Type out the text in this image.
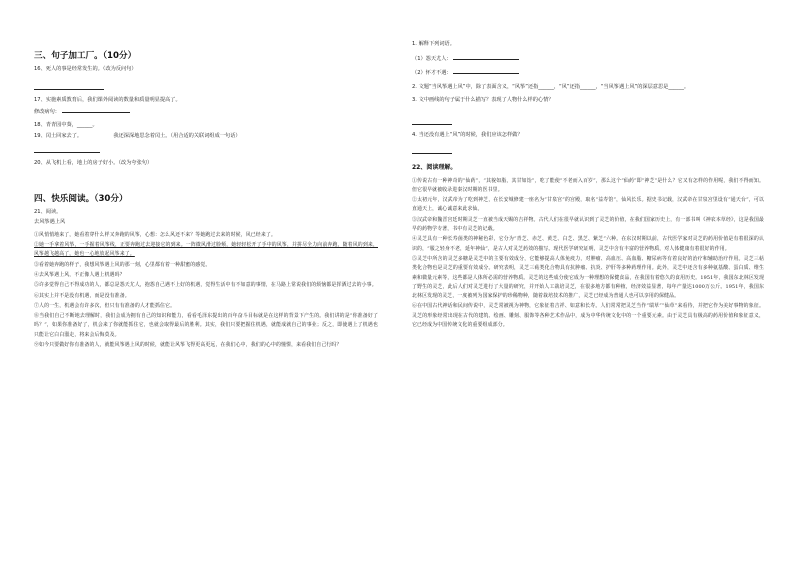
三、句子加工厂。（10分）
16、死人的事是经常发生的。（改为反问句）
17、实施素质教育后，我们课外阅读的数量和质量明显提高了。
修改病句：
18、青青园中葵，______。
19、闰土回家去了。	我还深深地思念着闰土。（用合适的关联词组成一句话）
20、从飞机上看，地上的房子好小。（改为夸张句）
四、快乐阅读。（30分）
21、阅读。
去风筝遇上风
①风悄悄地来了，她看着穿什么样又奔跑的风筝，心想：怎么风还不来？等她跑过去来的时候，风已经来了。
②她一手拿着风筝，一手握着风筝线，正要奔跑过去迎接它的到来。一阵微风滑过脸颊，她轻轻松开了手中的风筝，并拼尽全力向前奔跑，随着风的到来，风筝越飞越高了，她也一心地放起风筝来了。
③看着她奔跑的样子，我想风筝遇上风的那一刻，心里都有着一种甜蜜的感觉。
④去风筝遇上风，不正像人遇上机遇吗？
⑤许多觉得自己不得成功的人，都总是怨天尤人，抱怨自己遇不上好的机遇，觉得生活中有不如意的事情，在马路上常说我们的烦恼都是挥洒过去的小事。
⑥其实上并不是没有机遇，而是没有准备。
⑦人的一生，机遇会有许多次，但只有有准备的人才能抓住它。
⑧当我们自己不断地去理解时，我们会成为拥有自己的知识和能力，看看毛泽东提出的百年奋斗目标就是在这样的背景下产生的。我们讲的是“你准备好了吗？”，如果你准备好了，机会来了你就能抓住它，也就会取得最后的胜利。其实，我们只要把握住机遇，就能成就自己的事业；反之，即使遇上了机遇也只能让它白白溜走，将来会后悔莫及。
⑨如今只要做好你有准备的人，就能风筝遇上风的时候，就能让风筝飞得更高更远，在我们心中，我们的心中的憧憬，来看我们自己行吗？
1. 解释下列词语。
（1）怨天尤人：
（2）怀才不遇：
2. 文题“当风筝遇上风”中，除了表面含义，“风筝”还指______，“风”还指______，“当风筝遇上风”的深层意思是______。
3. 文中画线的句子属于什么描写？表现了人物什么样的心情？
4. 当还没有遇上“风”的时候，我们应该怎样做？
22、阅读理解。
①传说古有一种神奇的“仙药”，“其貌如脂，其甘如饴”，吃了能使“不老而入百岁”，那么这个“仙药”即“神芝”是什么？它又有怎样的作用呢，我们不得而知。但它很早就被收录进秦汉时期的医书里。
②太初元年，汉武帝为了吃到神芝，在长安城修建一座名为“甘泉宫”的宫殿，取名“益寿馆”，仙风长乐。据史书记载，汉武帝在甘泉宫里设有“通天台”，可以直通天上，诚心诚意来此求仙。
③汉武帝和魏晋宫廷时期灵芝一直被当成天赐的吉祥物。古代人们在很早就认识到了灵芝的价值，在我们国家历史上，有一部书叫《神农本草经》，这是我国最早的药物学专著，书中有灵芝的记载。
④灵芝具有一种长寿菌类的神秘色彩，它分为“青芝、赤芝、黄芝、白芝、黑芝、紫芝”六种。在东汉时期以前，古代医学家对灵芝的药用价值是有着很深的认识的，“服之轻身不老，延年神仙”，是古人对灵芝药效的描写。现代医学研究证明，灵芝中含有丰富的营养物质，对人体健康有着很好的作用。
⑤灵芝中所含的灵芝多糖是灵芝中的主要有效成分，它能够提高人体免疫力，对肿瘤、高血压、高血脂、糖尿病等有着良好的治疗和辅助治疗作用。灵芝三萜类化合物也是灵芝的重要有效成分。研究表明，灵芝三萜类化合物具有抗肿瘤、抗炎、护肝等多种药理作用。此外，灵芝中还含有多种氨基酸、蛋白质、维生素和微量元素等，这些都是人体所必需的营养物质。灵芝的这些成分使它成为一种理想的保健食品，在我国有着悠久的食用历史。1951年，我国东北林区发现了野生的灵芝，此后人们对灵芝进行了大量的研究，并开始人工栽培灵芝，在很多地方都有种植，经济效益显著，每年产量达1000万公斤。1951年，我国东北林区发现的灵芝，一度被列为国家保护的珍稀物种，随着栽培技术的推广，灵芝已经成为普通人也可以享用的保健品。
⑥在中国古代神话和民间传说中，灵芝常被视为神物，它象征着吉祥、如意和长寿。人们常常把灵芝当作“瑞草”“仙草”来看待，并把它作为美好事物的象征。灵芝的形象经常出现在古代的建筑、绘画、雕刻、服饰等各种艺术作品中，成为中华传统文化中的一个重要元素。由于灵芝具有极高的药用价值和象征意义，它已经成为中国传统文化的重要组成部分。
